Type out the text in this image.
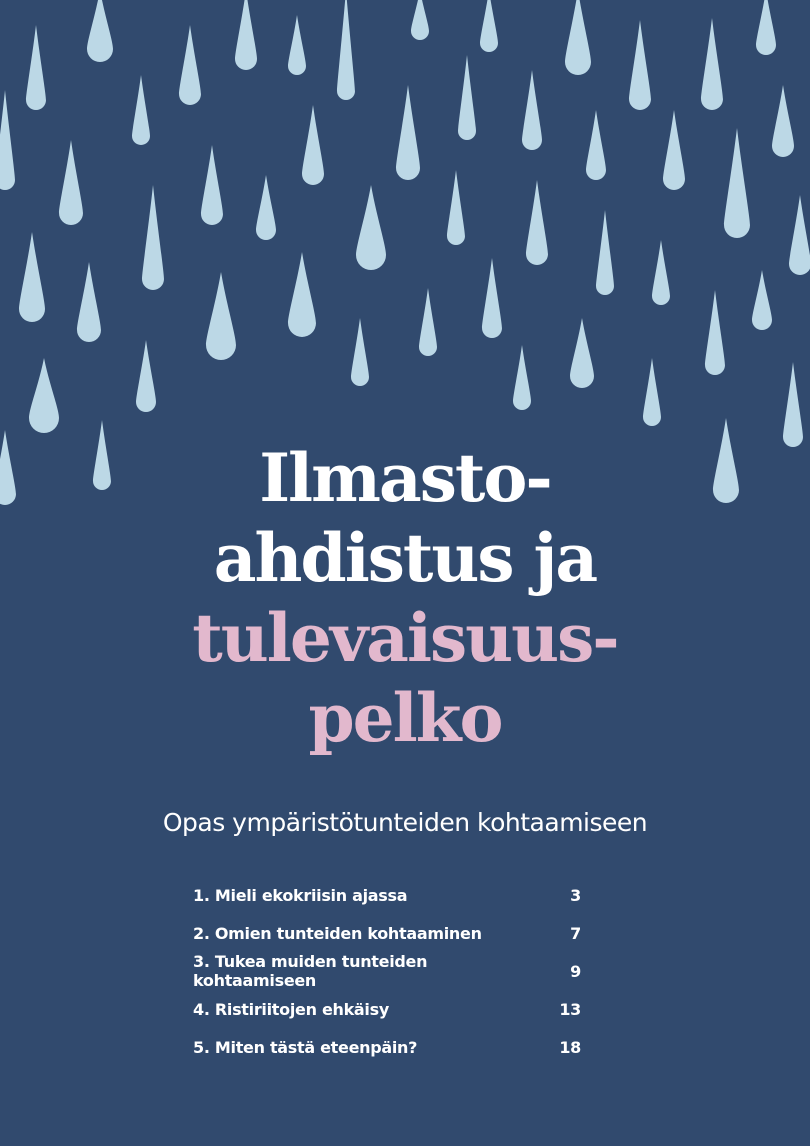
Ilmasto-
ahdistus ja
tulevaisuus-
pelko
Opas ympäristötunteiden kohtaamiseen
1. Mieli ekokriisin ajassa	3
2. Omien tunteiden kohtaaminen	7
3. Tukea muiden tunteiden kohtaamiseen	9
4. Ristiriitojen ehkäisy	13
5. Miten tästä eteenpäin?	18
